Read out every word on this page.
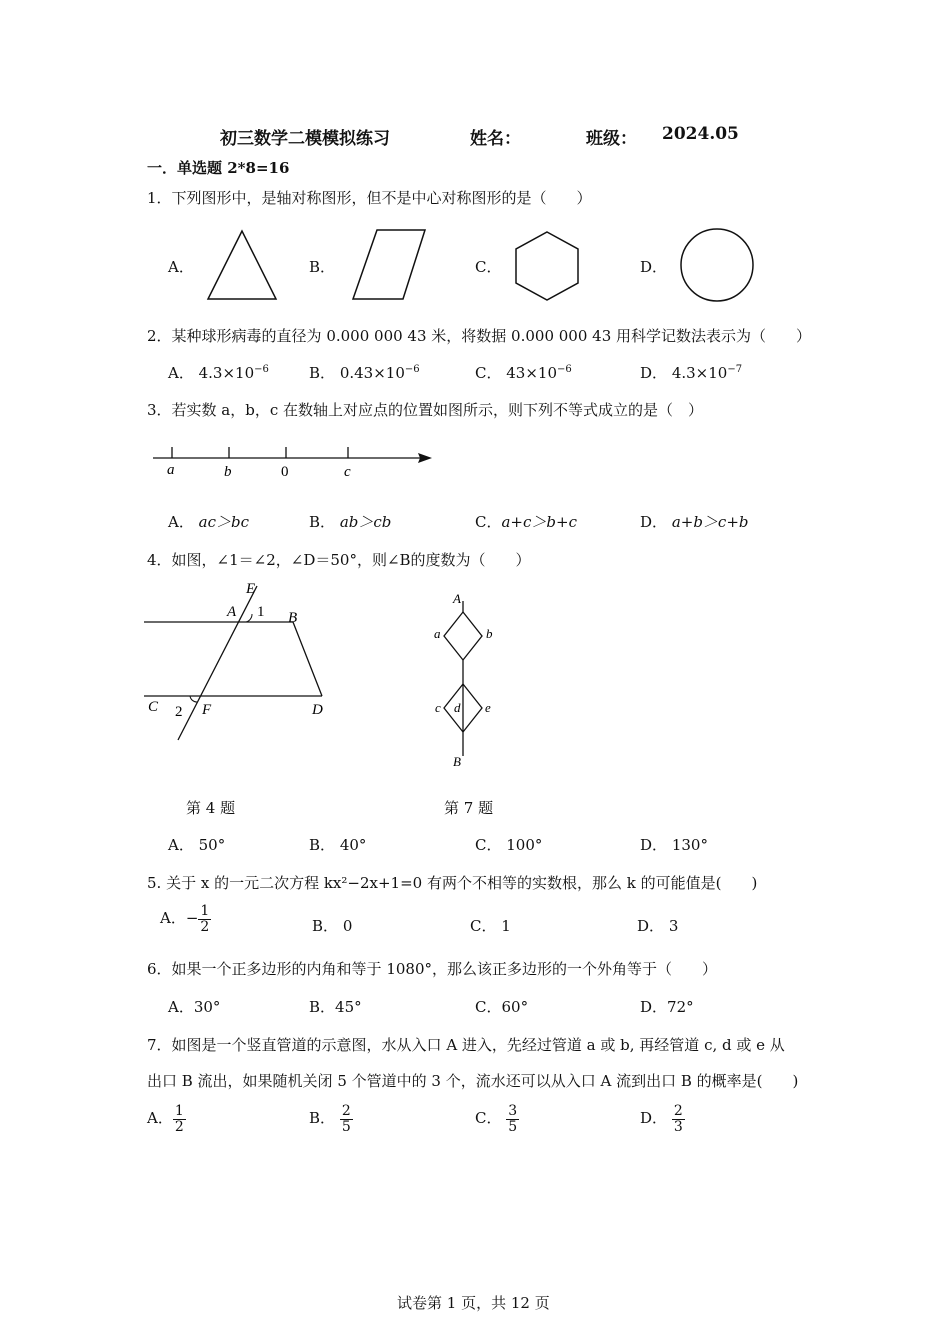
初三数学二模模拟练习	姓名：	班级： 2024.05
一．单选题 2*8=16
1．下列图形中，是轴对称图形，但不是中心对称图形的是（　　）
A．	B．	C．	D．
2．某种球形病毒的直径为 0.000 000 43 米，将数据 0.000 000 43 用科学记数法表示为（　　）
A． $4.3\times 10^{-6}$	B． $0.43\times 10^{-6}$	C． $43\times 10^{-6}$	D． $4.3\times 10^{-7}$
3．若实数 a，b，c 在数轴上对应点的位置如图所示，则下列不等式成立的是（　）
a	b	0	c
A． ac＞bc	B． ab＞cb	C．a+c＞b+c	D． a+b＞c+b
4．如图，∠1＝∠2，∠D＝50°，则∠B的度数为（　　）
E
A 1 B
C 2 F	D
A
a	b
c d e
B
第 4 题	第 7 题
A． 50°	B． 40°	C． 100°	D． 130°
5. 关于 x 的一元二次方程 kx²−2x+1=0 有两个不相等的实数根，那么 k 的可能值是(　　)
A．− $\frac{1}{2}$	B． 0	C． 1	D． 3
6．如果一个正多边形的内角和等于 1080°，那么该正多边形的一个外角等于（　　）
A．30°	B．45°	C．60°	D．72°
7．如图是一个竖直管道的示意图，水从入口 A 进入，先经过管道 a 或 b, 再经管道 c, d 或 e 从
出口 B 流出，如果随机关闭 5 个管道中的 3 个，流水还可以从入口 A 流到出口 B 的概率是(　　)
A． $\frac{1}{2}$	B． $\frac{2}{5}$	C． $\frac{3}{5}$	D． $\frac{2}{3}$
试卷第 1 页，共 12 页
